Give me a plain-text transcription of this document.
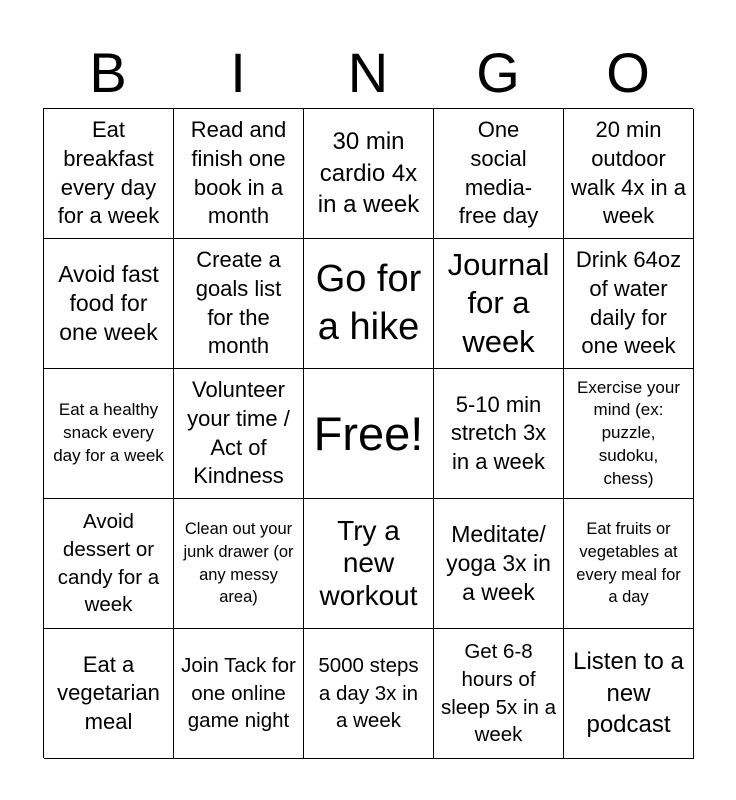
B	I	N	G	O
Eat breakfast every day for a week
Read and finish one book in a month
30 min cardio 4x in a week
One social media-free day
20 min outdoor walk 4x in a week
Avoid fast food for one week
Create a goals list for the month
Go for a hike
Journal for a week
Drink 64oz of water daily for one week
Eat a healthy snack every day for a week
Volunteer your time / Act of Kindness
Free!
5-10 min stretch 3x in a week
Exercise your mind (ex: puzzle, sudoku, chess)
Avoid dessert or candy for a week
Clean out your junk drawer (or any messy area)
Try a new workout
Meditate/ yoga 3x in a week
Eat fruits or vegetables at every meal for a day
Eat a vegetarian meal
Join Tack for one online game night
5000 steps a day 3x in a week
Get 6-8 hours of sleep 5x in a week
Listen to a new podcast
